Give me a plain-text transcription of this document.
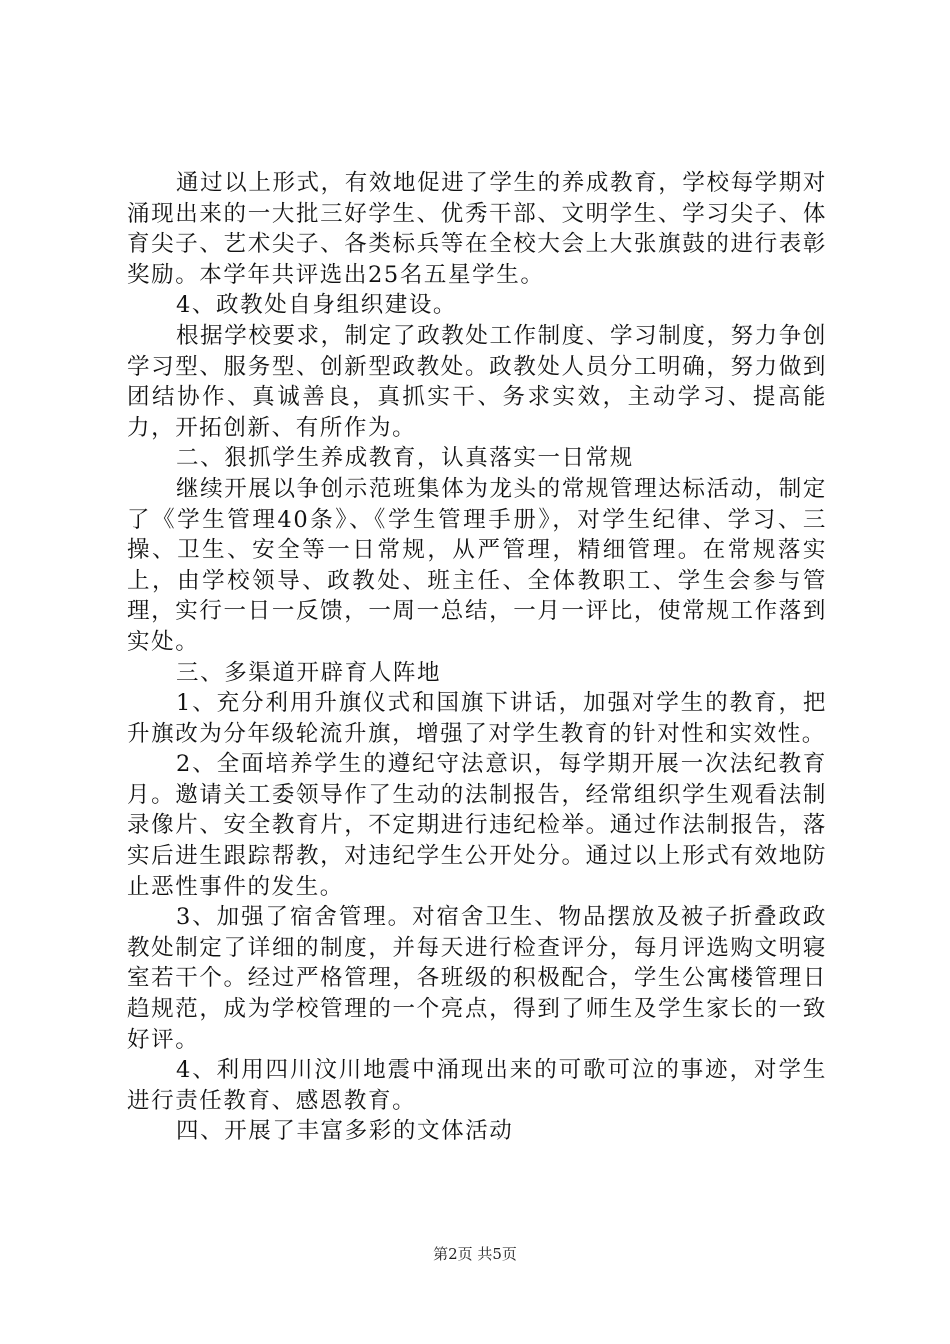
通过以上形式，有效地促进了学生的养成教育，学校每学期对涌现出来的一大批三好学生、优秀干部、文明学生、学习尖子、体育尖子、艺术尖子、各类标兵等在全校大会上大张旗鼓的进行表彰奖励。本学年共评选出25名五星学生。

4、政教处自身组织建设。

根据学校要求，制定了政教处工作制度、学习制度，努力争创学习型、服务型、创新型政教处。政教处人员分工明确，努力做到团结协作、真诚善良，真抓实干、务求实效，主动学习、提高能力，开拓创新、有所作为。

二、狠抓学生养成教育，认真落实一日常规

继续开展以争创示范班集体为龙头的常规管理达标活动，制定了《学生管理40条》、《学生管理手册》，对学生纪律、学习、三操、卫生、安全等一日常规，从严管理，精细管理。在常规落实上，由学校领导、政教处、班主任、全体教职工、学生会参与管理，实行一日一反馈，一周一总结，一月一评比，使常规工作落到实处。

三、多渠道开辟育人阵地

1、充分利用升旗仪式和国旗下讲话，加强对学生的教育，把升旗改为分年级轮流升旗，增强了对学生教育的针对性和实效性。

2、全面培养学生的遵纪守法意识，每学期开展一次法纪教育月。邀请关工委领导作了生动的法制报告，经常组织学生观看法制录像片、安全教育片，不定期进行违纪检举。通过作法制报告，落实后进生跟踪帮教，对违纪学生公开处分。通过以上形式有效地防止恶性事件的发生。

3、加强了宿舍管理。对宿舍卫生、物品摆放及被子折叠政政教处制定了详细的制度，并每天进行检查评分，每月评选购文明寝室若干个。经过严格管理，各班级的积极配合，学生公寓楼管理日趋规范，成为学校管理的一个亮点，得到了师生及学生家长的一致好评。

4、利用四川汶川地震中涌现出来的可歌可泣的事迹，对学生进行责任教育、感恩教育。

四、开展了丰富多彩的文体活动

第2页 共5页
